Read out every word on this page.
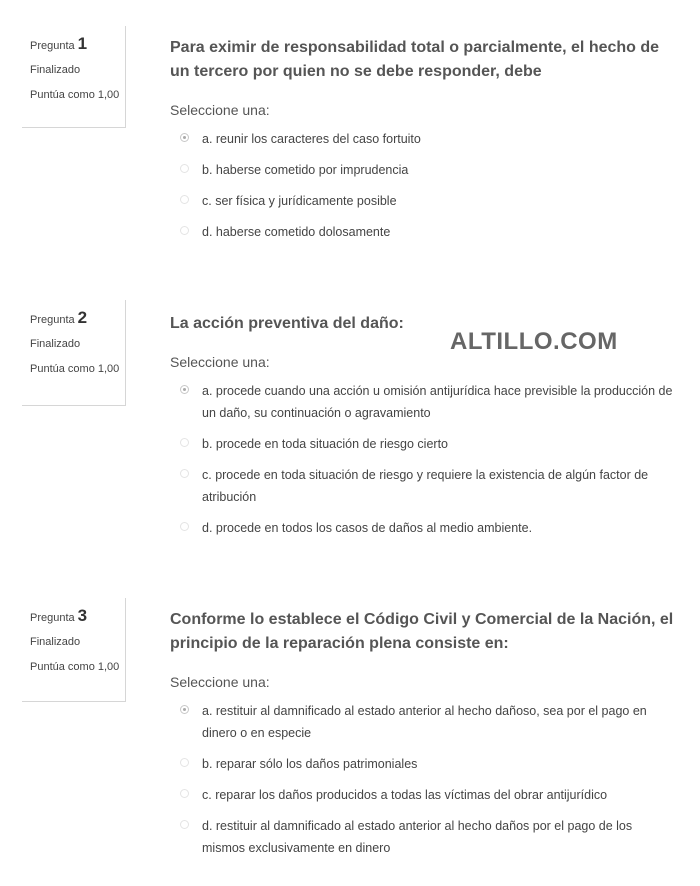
ALTILLO.COM
Pregunta 1
Finalizado
Puntúa como 1,00
Para eximir de responsabilidad total o parcialmente, el hecho de un tercero por quien no se debe responder, debe
Seleccione una:
a. reunir los caracteres del caso fortuito
b. haberse cometido por imprudencia
c. ser física y jurídicamente posible
d. haberse cometido dolosamente
Pregunta 2
Finalizado
Puntúa como 1,00
La acción preventiva del daño:
Seleccione una:
a. procede cuando una acción u omisión antijurídica hace previsible la producción de un daño, su continuación o agravamiento
b. procede en toda situación de riesgo cierto
c. procede en toda situación de riesgo y requiere la existencia de algún factor de atribución
d. procede en todos los casos de daños al medio ambiente.
Pregunta 3
Finalizado
Puntúa como 1,00
Conforme lo establece el Código Civil y Comercial de la Nación, el principio de la reparación plena consiste en:
Seleccione una:
a. restituir al damnificado al estado anterior al hecho dañoso, sea por el pago en dinero o en especie
b. reparar sólo los daños patrimoniales
c. reparar los daños producidos a todas las víctimas del obrar antijurídico
d. restituir al damnificado al estado anterior al hecho daños por el pago de los mismos exclusivamente en dinero
